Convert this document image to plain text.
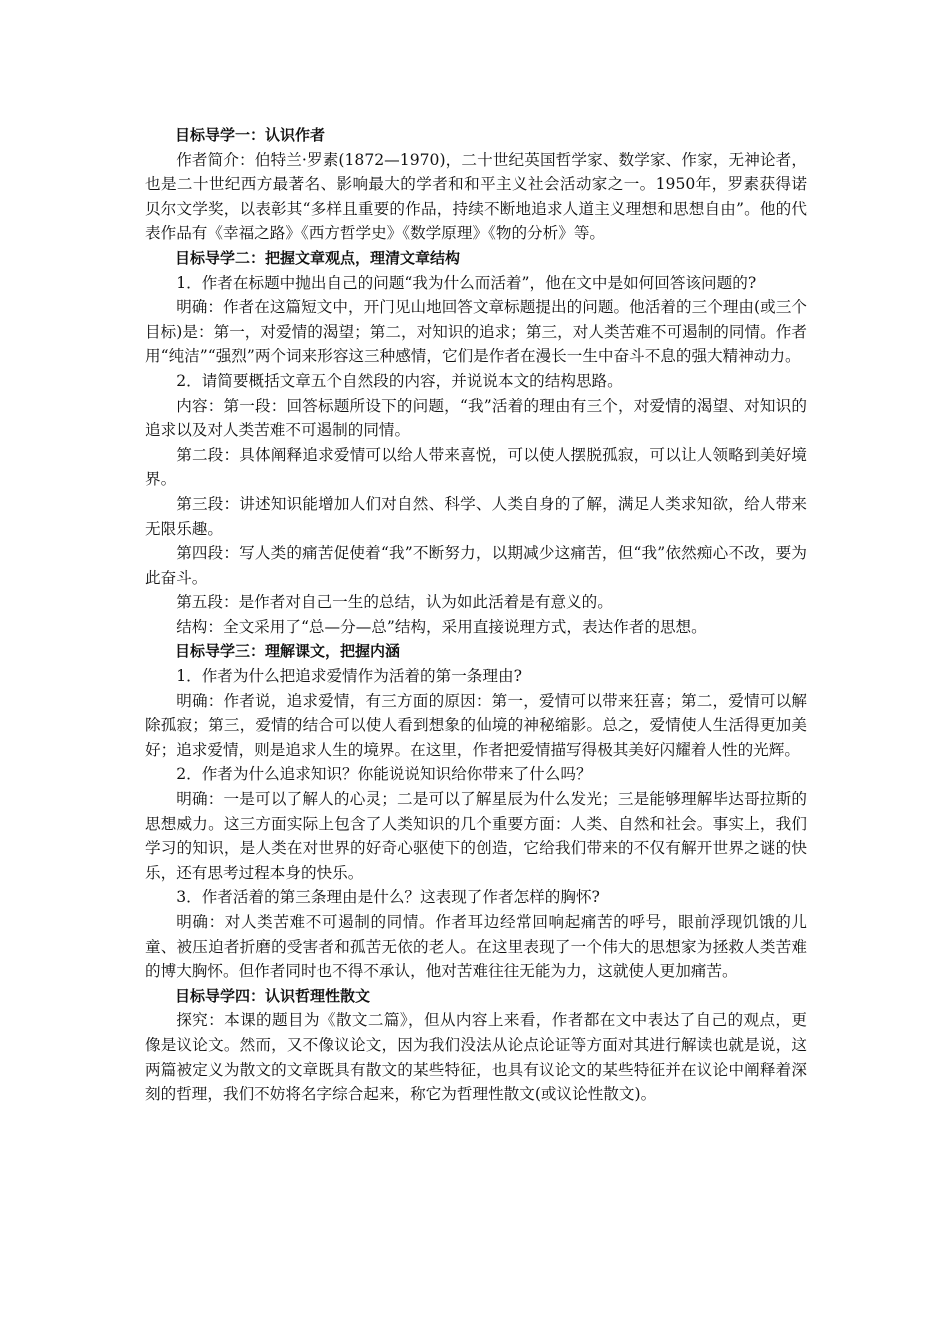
目标导学一：认识作者

作者简介：伯特兰·罗素(1872—1970)，二十世纪英国哲学家、数学家、作家，无神论者，也是二十世纪西方最著名、影响最大的学者和和平主义社会活动家之一。1950年，罗素获得诺贝尔文学奖，以表彰其“多样且重要的作品，持续不断地追求人道主义理想和思想自由”。他的代表作品有《幸福之路》《西方哲学史》《数学原理》《物的分析》等。

目标导学二：把握文章观点，理清文章结构

1．作者在标题中抛出自己的问题“我为什么而活着”，他在文中是如何回答该问题的?

明确：作者在这篇短文中，开门见山地回答文章标题提出的问题。他活着的三个理由(或三个目标)是：第一，对爱情的渴望；第二，对知识的追求；第三，对人类苦难不可遏制的同情。作者用“纯洁”“强烈”两个词来形容这三种感情，它们是作者在漫长一生中奋斗不息的强大精神动力。

2．请简要概括文章五个自然段的内容，并说说本文的结构思路。

内容：第一段：回答标题所设下的问题，“我”活着的理由有三个，对爱情的渴望、对知识的追求以及对人类苦难不可遏制的同情。

第二段：具体阐释追求爱情可以给人带来喜悦，可以使人摆脱孤寂，可以让人领略到美好境界。

第三段：讲述知识能增加人们对自然、科学、人类自身的了解，满足人类求知欲，给人带来无限乐趣。

第四段：写人类的痛苦促使着“我”不断努力，以期减少这痛苦，但“我”依然痴心不改，要为此奋斗。

第五段：是作者对自己一生的总结，认为如此活着是有意义的。

结构：全文采用了“总—分—总”结构，采用直接说理方式，表达作者的思想。

目标导学三：理解课文，把握内涵

1．作者为什么把追求爱情作为活着的第一条理由?

明确：作者说，追求爱情，有三方面的原因：第一，爱情可以带来狂喜；第二，爱情可以解除孤寂；第三，爱情的结合可以使人看到想象的仙境的神秘缩影。总之，爱情使人生活得更加美好；追求爱情，则是追求人生的境界。在这里，作者把爱情描写得极其美好闪耀着人性的光辉。

2．作者为什么追求知识？你能说说知识给你带来了什么吗？

明确：一是可以了解人的心灵；二是可以了解星辰为什么发光；三是能够理解毕达哥拉斯的思想威力。这三方面实际上包含了人类知识的几个重要方面：人类、自然和社会。事实上，我们学习的知识，是人类在对世界的好奇心驱使下的创造，它给我们带来的不仅有解开世界之谜的快乐，还有思考过程本身的快乐。

3．作者活着的第三条理由是什么？这表现了作者怎样的胸怀?

明确：对人类苦难不可遏制的同情。作者耳边经常回响起痛苦的呼号，眼前浮现饥饿的儿童、被压迫者折磨的受害者和孤苦无依的老人。在这里表现了一个伟大的思想家为拯救人类苦难的博大胸怀。但作者同时也不得不承认，他对苦难往往无能为力，这就使人更加痛苦。

目标导学四：认识哲理性散文

探究：本课的题目为《散文二篇》，但从内容上来看，作者都在文中表达了自己的观点，更像是议论文。然而，又不像议论文，因为我们没法从论点论证等方面对其进行解读也就是说，这两篇被定义为散文的文章既具有散文的某些特征，也具有议论文的某些特征并在议论中阐释着深刻的哲理，我们不妨将名字综合起来，称它为哲理性散文(或议论性散文)。
